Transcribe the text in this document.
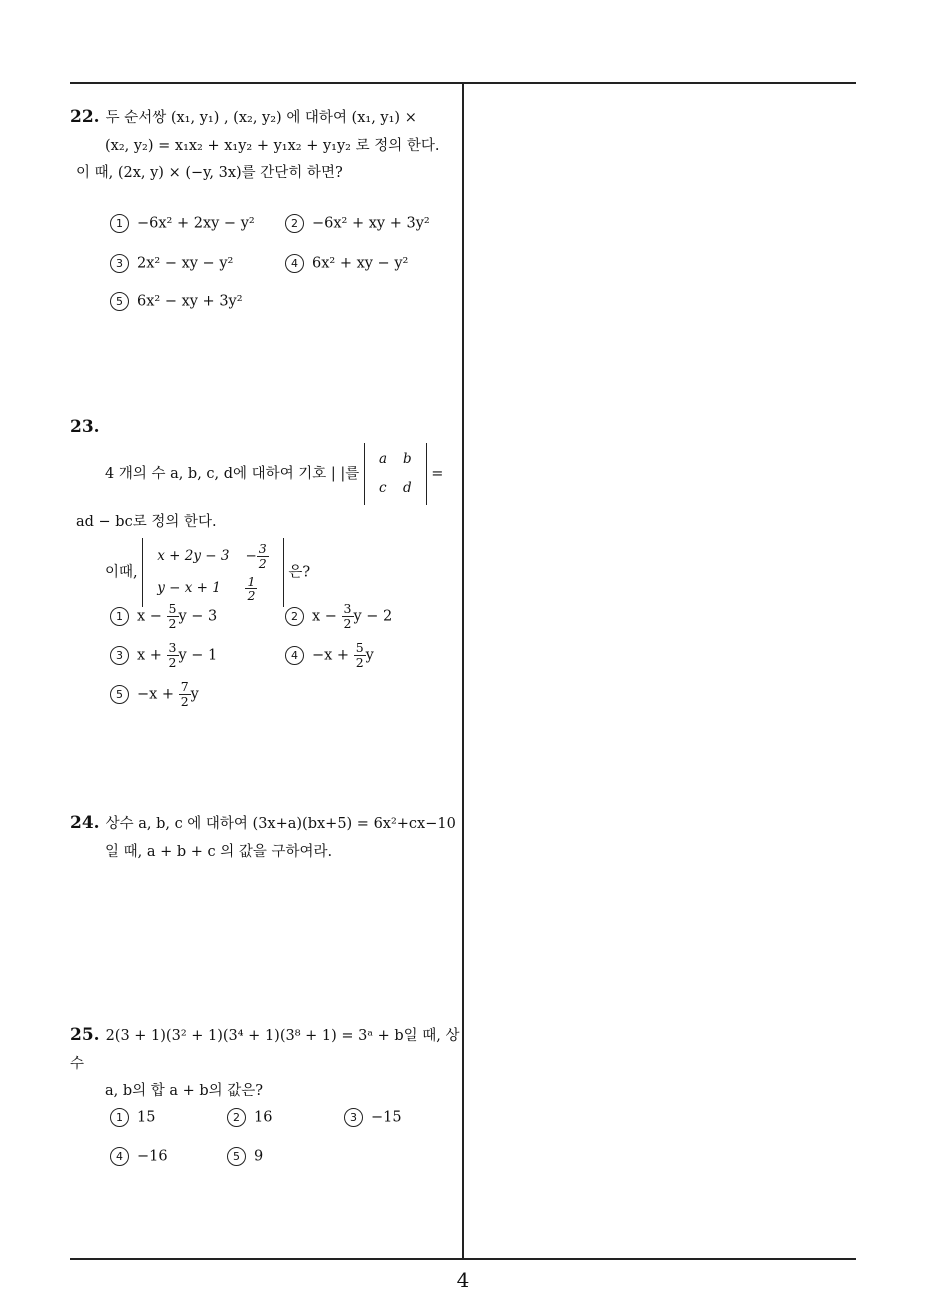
22. 두 순서쌍 (x₁, y₁) , (x₂, y₂) 에 대하여 (x₁, y₁) ×
(x₂, y₂) = x₁x₂ + x₁y₂ + y₁x₂ + y₁y₂ 로 정의 한다.
이 때, (2x, y) × (−y, 3x)를 간단히 하면?
1 −6x² + 2xy − y²	2 −6x² + xy + 3y²
3 2x² − xy − y²	4 6x² + xy − y²
5 6x² − xy + 3y²
23.
4 개의 수 a, b, c, d에 대하여 기호 | |를
a	b
c	d
=
ad − bc로 정의 한다.
이때,
x + 2y − 3	− $\frac{3}{2}$

y − x + 1	$\frac{1}{2}$
은?
1 $x - \frac{5}{2}$ y − 3	2 $x - \frac{3}{2}$ y − 2
3 $x + \frac{3}{2}$ y − 1	$4 -x + \frac{5}{2}$ y
$5 -x + \frac{7}{2}$ y
24. 상수 a, b, c 에 대하여 (3x+a)(bx+5) = 6x²+cx−10
일 때, a + b + c 의 값을 구하여라.
25. 2(3 + 1)(3² + 1)(3⁴ + 1)(3⁸ + 1) = 3ᵃ + b일 때, 상수
a, b의 합 a + b의 값은?
1 15	2 16	3 −15
4 −16	5 9
4
